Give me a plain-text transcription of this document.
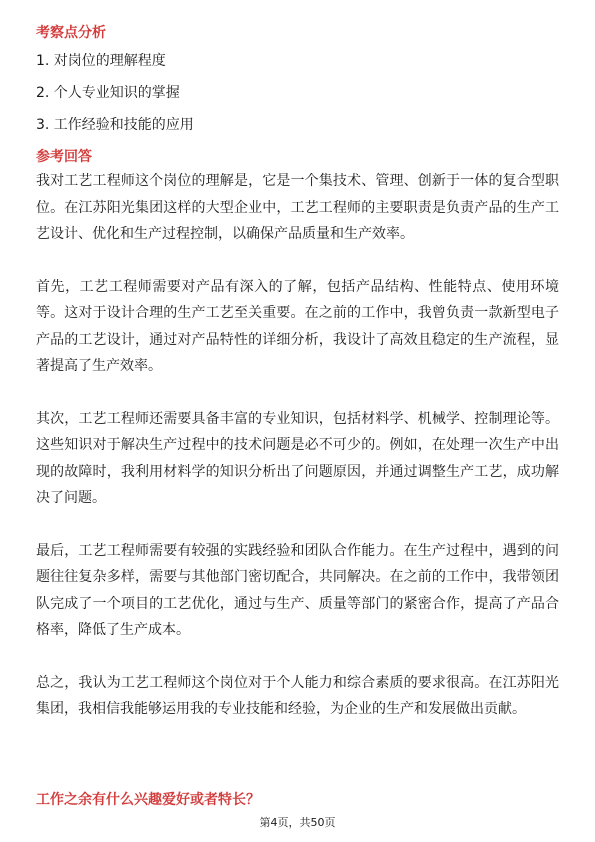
考察点分析

1. 对岗位的理解程度

2. 个人专业知识的掌握

3. 工作经验和技能的应用

参考回答

我对工艺工程师这个岗位的理解是，它是一个集技术、管理、创新于一体的复合型职位。在江苏阳光集团这样的大型企业中，工艺工程师的主要职责是负责产品的生产工艺设计、优化和生产过程控制，以确保产品质量和生产效率。

首先，工艺工程师需要对产品有深入的了解，包括产品结构、性能特点、使用环境等。这对于设计合理的生产工艺至关重要。在之前的工作中，我曾负责一款新型电子产品的工艺设计，通过对产品特性的详细分析，我设计了高效且稳定的生产流程，显著提高了生产效率。

其次，工艺工程师还需要具备丰富的专业知识，包括材料学、机械学、控制理论等。这些知识对于解决生产过程中的技术问题是必不可少的。例如，在处理一次生产中出现的故障时，我利用材料学的知识分析出了问题原因，并通过调整生产工艺，成功解决了问题。

最后，工艺工程师需要有较强的实践经验和团队合作能力。在生产过程中，遇到的问题往往复杂多样，需要与其他部门密切配合，共同解决。在之前的工作中，我带领团队完成了一个项目的工艺优化，通过与生产、质量等部门的紧密合作，提高了产品合格率，降低了生产成本。

总之，我认为工艺工程师这个岗位对于个人能力和综合素质的要求很高。在江苏阳光集团，我相信我能够运用我的专业技能和经验，为企业的生产和发展做出贡献。

工作之余有什么兴趣爱好或者特长？
第4页，共50页
